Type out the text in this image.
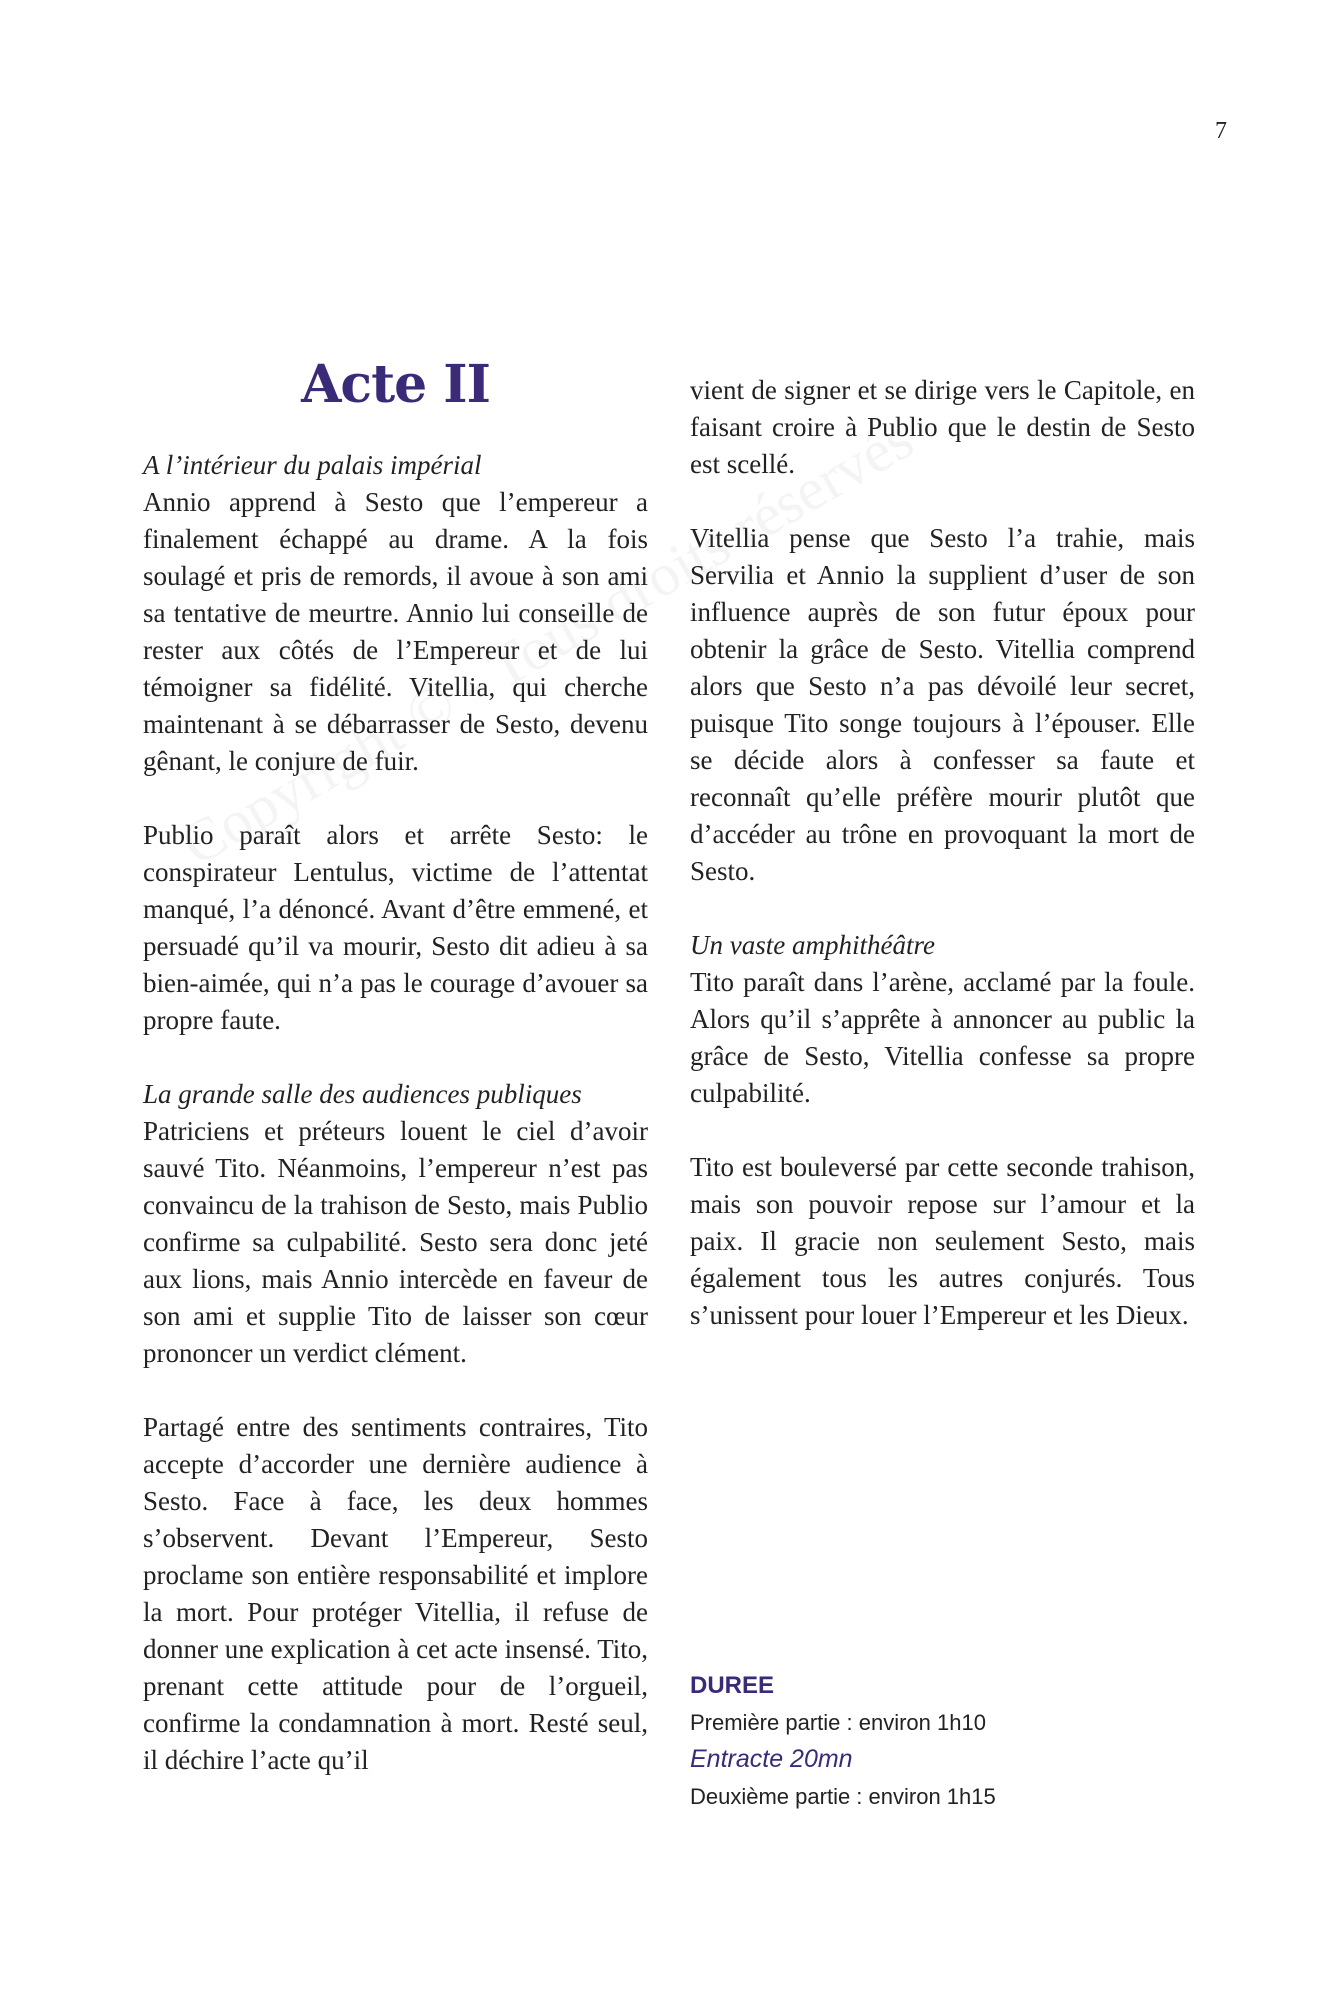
7
Acte II

A l’intérieur du palais impérial

Annio apprend à Sesto que l’empereur a finalement échappé au drame. A la fois soulagé et pris de remords, il avoue à son ami sa tentative de meurtre. Annio lui conseille de rester aux côtés de l’Empereur et de lui témoigner sa fidélité. Vitellia, qui cherche maintenant à se débarrasser de Sesto, devenu gênant, le conjure de fuir.

Publio paraît alors et arrête Sesto: le conspirateur Lentulus, victime de l’attentat manqué, l’a dénoncé. Avant d’être emmené, et persuadé qu’il va mourir, Sesto dit adieu à sa bien-aimée, qui n’a pas le courage d’avouer sa propre faute.

La grande salle des audiences publiques

Patriciens et préteurs louent le ciel d’avoir sauvé Tito. Néanmoins, l’empereur n’est pas convaincu de la trahison de Sesto, mais Publio confirme sa culpabilité. Sesto sera donc jeté aux lions, mais Annio intercède en faveur de son ami et supplie Tito de laisser son cœur prononcer un verdict clément.

Partagé entre des sentiments contraires, Tito accepte d’accorder une dernière audience à Sesto. Face à face, les deux hommes s’observent. Devant l’Empereur, Sesto proclame son entière responsabilité et implore la mort. Pour protéger Vitellia, il refuse de donner une explication à cet acte insensé. Tito, prenant cette attitude pour de l’orgueil, confirme la condamnation à mort. Resté seul, il déchire l’acte qu’il

vient de signer et se dirige vers le Capitole, en faisant croire à Publio que le destin de Sesto est scellé.

Vitellia pense que Sesto l’a trahie, mais Servilia et Annio la supplient d’user de son influence auprès de son futur époux pour obtenir la grâce de Sesto. Vitellia comprend alors que Sesto n’a pas dévoilé leur secret, puisque Tito songe toujours à l’épouser. Elle se décide alors à confesser sa faute et reconnaît qu’elle préfère mourir plutôt que d’accéder au trône en provoquant la mort de Sesto.

Un vaste amphithéâtre

Tito paraît dans l’arène, acclamé par la foule. Alors qu’il s’apprête à annoncer au public la grâce de Sesto, Vitellia confesse sa propre culpabilité.

Tito est bouleversé par cette seconde trahison, mais son pouvoir repose sur l’amour et la paix. Il gracie non seulement Sesto, mais également tous les autres conjurés. Tous s’unissent pour louer l’Empereur et les Dieux.

DUREE

Première partie : environ 1h10

Entracte 20mn

Deuxième partie : environ 1h15
